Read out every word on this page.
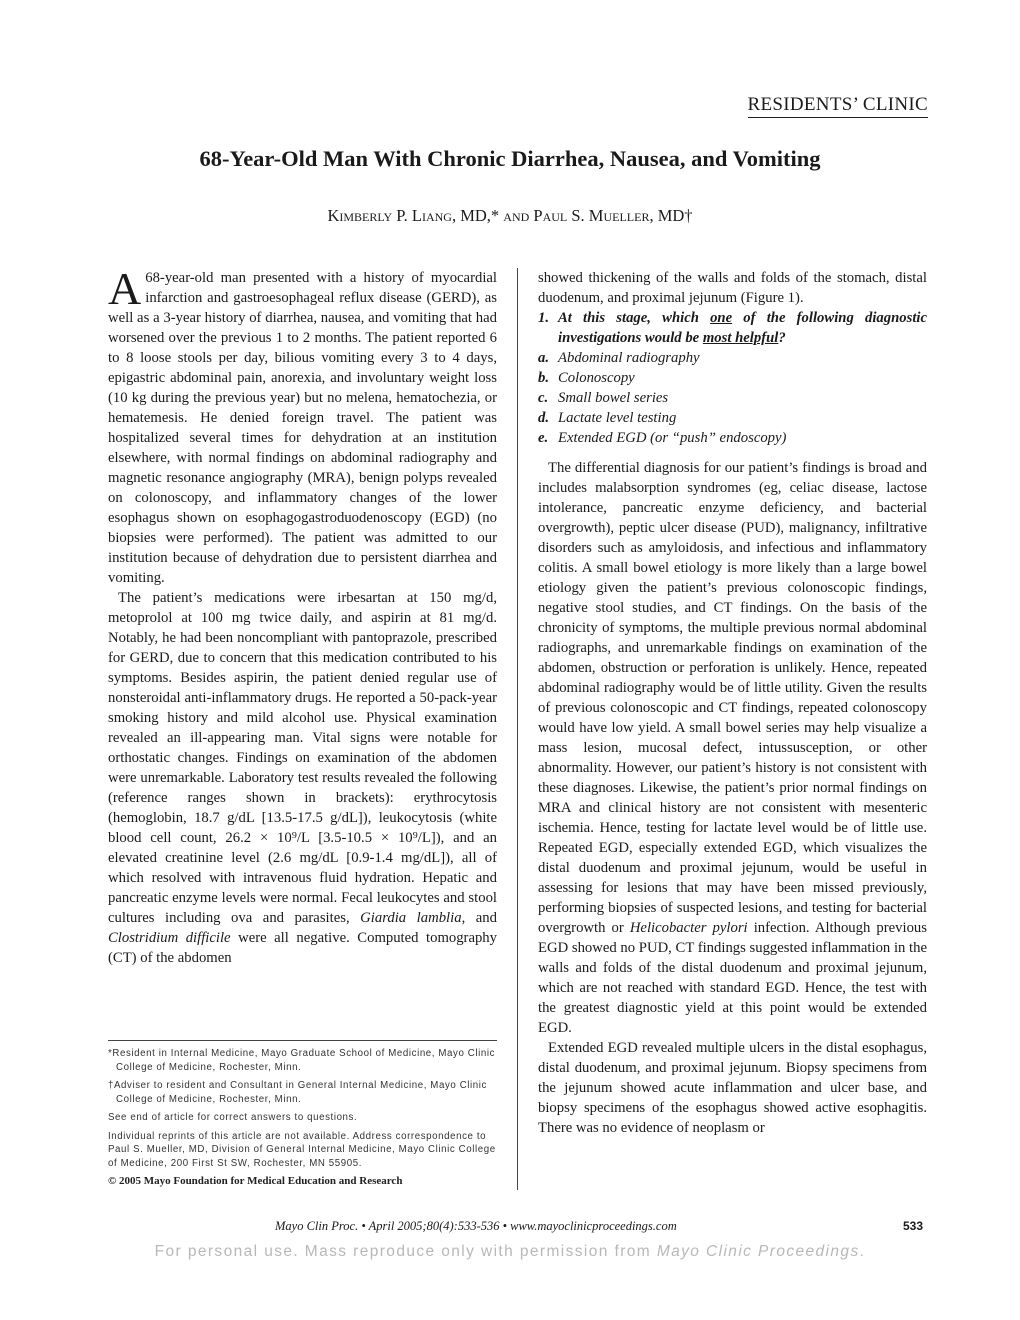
RESIDENTS’ CLINIC
68-Year-Old Man With Chronic Diarrhea, Nausea, and Vomiting
Kimberly P. Liang, MD,* and Paul S. Mueller, MD†

A 68-year-old man presented with a history of myocardial infarction and gastroesophageal reflux disease (GERD), as well as a 3-year history of diarrhea, nausea, and vomiting that had worsened over the previous 1 to 2 months. The patient reported 6 to 8 loose stools per day, bilious vomiting every 3 to 4 days, epigastric abdominal pain, anorexia, and involuntary weight loss (10 kg during the previous year) but no melena, hematochezia, or hematemesis. He denied foreign travel. The patient was hospitalized several times for dehydration at an institution elsewhere, with normal findings on abdominal radiography and magnetic resonance angiography (MRA), benign polyps revealed on colonoscopy, and inflammatory changes of the lower esophagus shown on esophagogastroduodenoscopy (EGD) (no biopsies were performed). The patient was admitted to our institution because of dehydration due to persistent diarrhea and vomiting.

The patient’s medications were irbesartan at 150 mg/d, metoprolol at 100 mg twice daily, and aspirin at 81 mg/d. Notably, he had been noncompliant with pantoprazole, prescribed for GERD, due to concern that this medication contributed to his symptoms. Besides aspirin, the patient denied regular use of nonsteroidal anti-inflammatory drugs. He reported a 50-pack-year smoking history and mild alcohol use. Physical examination revealed an ill-appearing man. Vital signs were notable for orthostatic changes. Findings on examination of the abdomen were unremarkable. Laboratory test results revealed the following (reference ranges shown in brackets): erythrocytosis (hemoglobin, 18.7 g/dL [13.5-17.5 g/dL]), leukocytosis (white blood cell count, 26.2 × 10⁹/L [3.5-10.5 × 10⁹/L]), and an elevated creatinine level (2.6 mg/dL [0.9-1.4 mg/dL]), all of which resolved with intravenous fluid hydration. Hepatic and pancreatic enzyme levels were normal. Fecal leukocytes and stool cultures including ova and parasites, Giardia lamblia, and Clostridium difficile were all negative. Computed tomography (CT) of the abdomen

*Resident in Internal Medicine, Mayo Graduate School of Medicine, Mayo Clinic College of Medicine, Rochester, Minn.

†Adviser to resident and Consultant in General Internal Medicine, Mayo Clinic College of Medicine, Rochester, Minn.

See end of article for correct answers to questions.

Individual reprints of this article are not available. Address correspondence to Paul S. Mueller, MD, Division of General Internal Medicine, Mayo Clinic College of Medicine, 200 First St SW, Rochester, MN 55905.

© 2005 Mayo Foundation for Medical Education and Research

showed thickening of the walls and folds of the stomach, distal duodenum, and proximal jejunum (Figure 1).

1. At this stage, which one of the following diagnostic investigations would be most helpful?

a. Abdominal radiography
b. Colonoscopy
c. Small bowel series
d. Lactate level testing
e. Extended EGD (or “push” endoscopy)

The differential diagnosis for our patient’s findings is broad and includes malabsorption syndromes (eg, celiac disease, lactose intolerance, pancreatic enzyme deficiency, and bacterial overgrowth), peptic ulcer disease (PUD), malignancy, infiltrative disorders such as amyloidosis, and infectious and inflammatory colitis. A small bowel etiology is more likely than a large bowel etiology given the patient’s previous colonoscopic findings, negative stool studies, and CT findings. On the basis of the chronicity of symptoms, the multiple previous normal abdominal radiographs, and unremarkable findings on examination of the abdomen, obstruction or perforation is unlikely. Hence, repeated abdominal radiography would be of little utility. Given the results of previous colonoscopic and CT findings, repeated colonoscopy would have low yield. A small bowel series may help visualize a mass lesion, mucosal defect, intussusception, or other abnormality. However, our patient’s history is not consistent with these diagnoses. Likewise, the patient’s prior normal findings on MRA and clinical history are not consistent with mesenteric ischemia. Hence, testing for lactate level would be of little use. Repeated EGD, especially extended EGD, which visualizes the distal duodenum and proximal jejunum, would be useful in assessing for lesions that may have been missed previously, performing biopsies of suspected lesions, and testing for bacterial overgrowth or Helicobacter pylori infection. Although previous EGD showed no PUD, CT findings suggested inflammation in the walls and folds of the distal duodenum and proximal jejunum, which are not reached with standard EGD. Hence, the test with the greatest diagnostic yield at this point would be extended EGD.

Extended EGD revealed multiple ulcers in the distal esophagus, distal duodenum, and proximal jejunum. Biopsy specimens from the jejunum showed acute inflammation and ulcer base, and biopsy specimens of the esophagus showed active esophagitis. There was no evidence of neoplasm or

Mayo Clin Proc. • April 2005;80(4):533-536 • www.mayoclinicproceedings.com	533
For personal use. Mass reproduce only with permission from Mayo Clinic Proceedings.
